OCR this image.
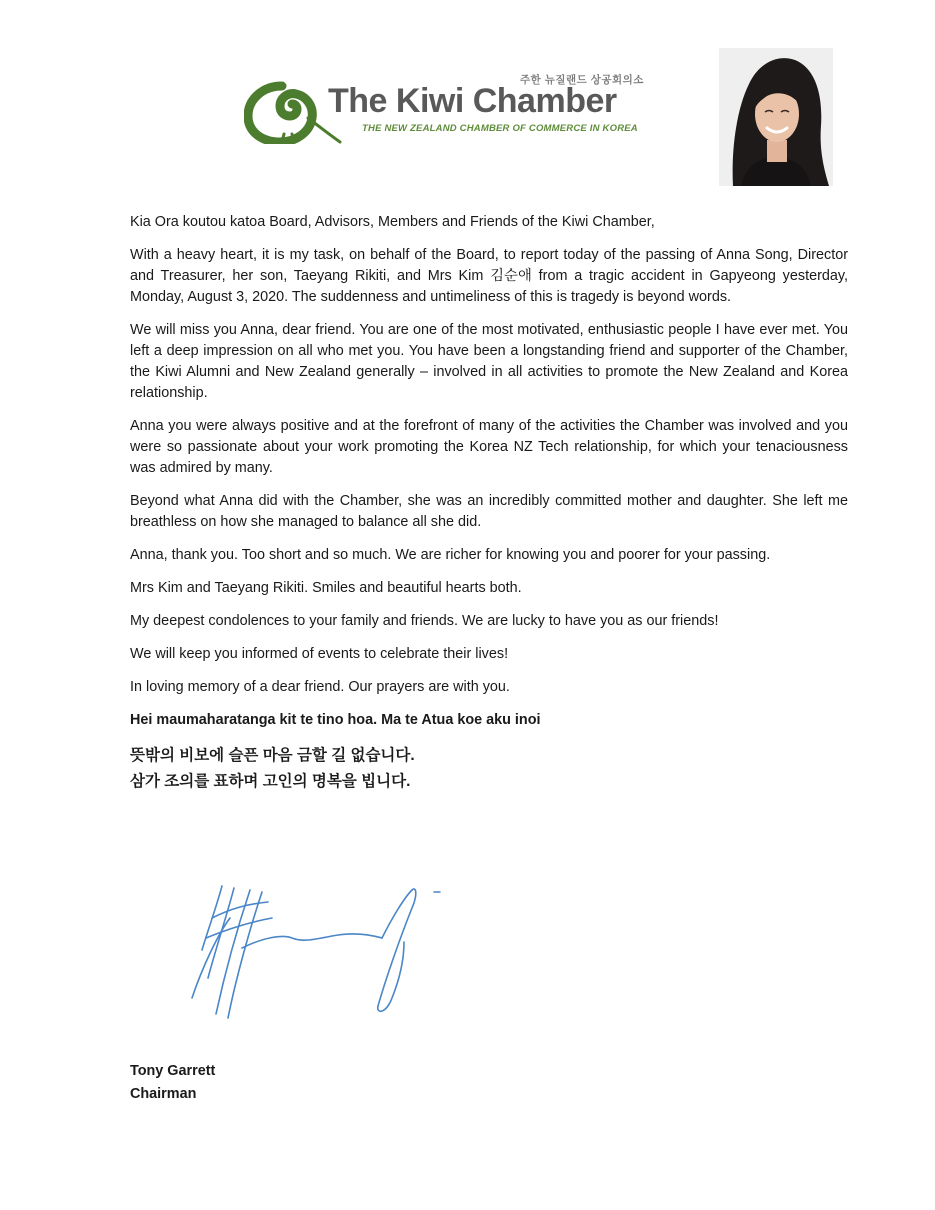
주한 뉴질랜드 상공회의소
The Kiwi Chamber
THE NEW ZEALAND CHAMBER OF COMMERCE IN KOREA

Kia Ora koutou katoa Board, Advisors, Members and Friends of the Kiwi Chamber,

With a heavy heart, it is my task, on behalf of the Board, to report today of the passing of Anna Song, Director and Treasurer, her son, Taeyang Rikiti, and Mrs Kim 김순애 from a tragic accident in Gapyeong yesterday, Monday, August 3, 2020. The suddenness and untimeliness of this is tragedy is beyond words.

We will miss you Anna, dear friend. You are one of the most motivated, enthusiastic people I have ever met. You left a deep impression on all who met you. You have been a longstanding friend and supporter of the Chamber, the Kiwi Alumni and New Zealand generally – involved in all activities to promote the New Zealand and Korea relationship.

Anna you were always positive and at the forefront of many of the activities the Chamber was involved and you were so passionate about your work promoting the Korea NZ Tech relationship, for which your tenaciousness was admired by many.

Beyond what Anna did with the Chamber, she was an incredibly committed mother and daughter. She left me breathless on how she managed to balance all she did.

Anna, thank you. Too short and so much. We are richer for knowing you and poorer for your passing.

Mrs Kim and Taeyang Rikiti. Smiles and beautiful hearts both.

My deepest condolences to your family and friends. We are lucky to have you as our friends!

We will keep you informed of events to celebrate their lives!

In loving memory of a dear friend. Our prayers are with you.

Hei maumaharatanga kit te tino hoa. Ma te Atua koe aku inoi

뜻밖의 비보에 슬픈 마음 금할 길 없습니다.
삼가 조의를 표하며 고인의 명복을 빕니다.
Tony Garrett
Chairman
